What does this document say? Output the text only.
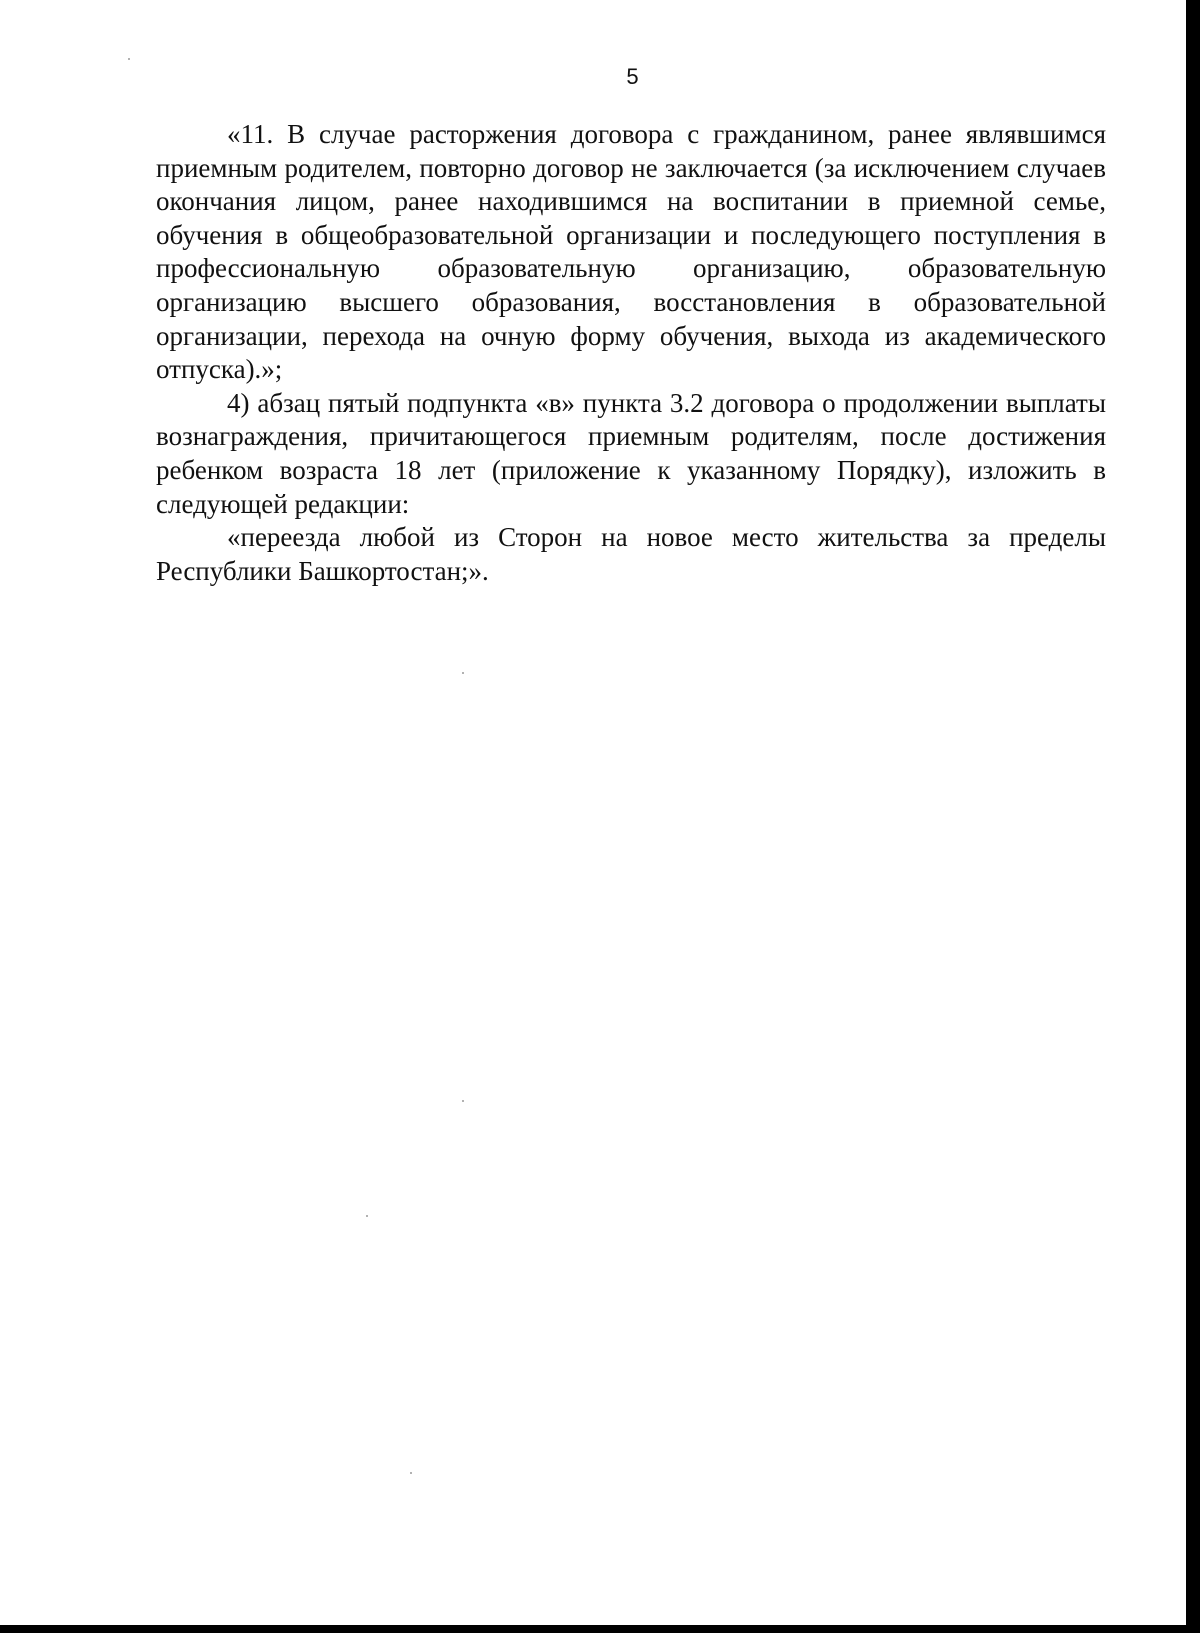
5

«11. В случае расторжения договора с гражданином, ранее являвшимся приемным родителем, повторно договор не заключается (за исключением случаев окончания лицом, ранее находившимся на воспитании в приемной семье, обучения в общеобразовательной организации и последующего поступления в профессиональную образовательную организацию, образовательную организацию высшего образования, восстановления в образовательной организации, перехода на очную форму обучения, выхода из академического отпуска).»;

4) абзац пятый подпункта «в» пункта 3.2 договора о продолжении выплаты вознаграждения, причитающегося приемным родителям, после достижения ребенком возраста 18 лет (приложение к указанному Порядку), изложить в следующей редакции:

«переезда любой из Сторон на новое место жительства за пределы Республики Башкортостан;».
